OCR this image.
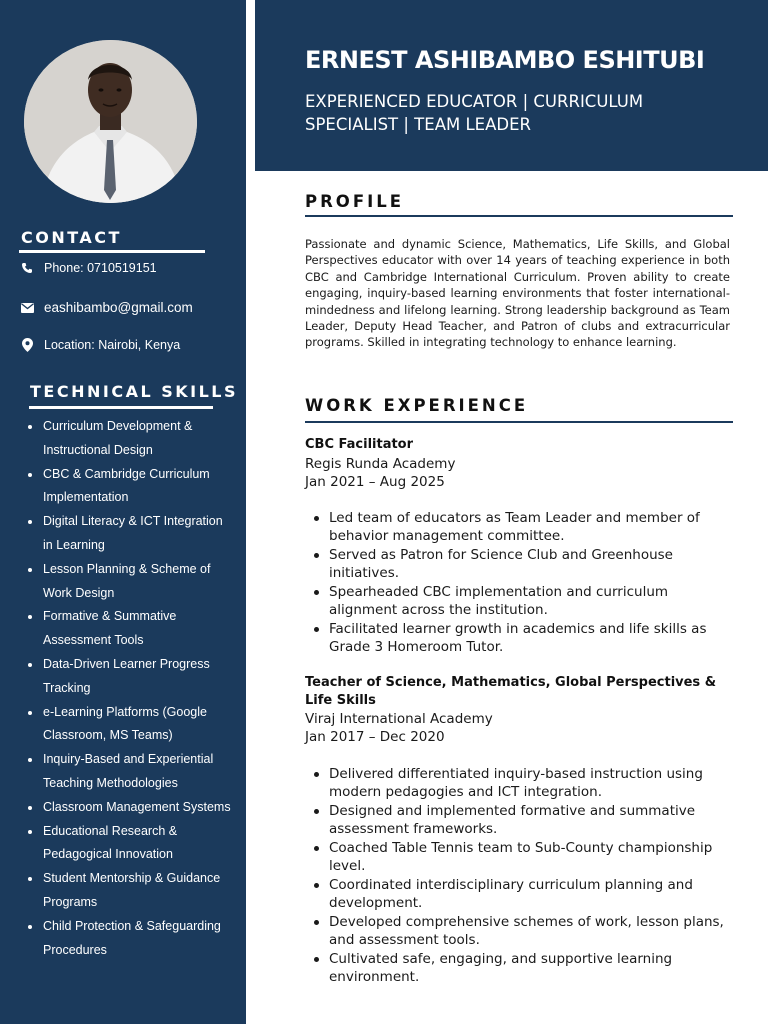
CONTACT
Phone: 0710519151
eashibambo@gmail.com
Location: Nairobi, Kenya
TECHNICAL SKILLS
Curriculum Development & Instructional Design
CBC & Cambridge Curriculum Implementation
Digital Literacy & ICT Integration in Learning
Lesson Planning & Scheme of Work Design
Formative & Summative Assessment Tools
Data-Driven Learner Progress Tracking
e-Learning Platforms (Google Classroom, MS Teams)
Inquiry-Based and Experiential Teaching Methodologies
Classroom Management Systems
Educational Research & Pedagogical Innovation
Student Mentorship & Guidance Programs
Child Protection & Safeguarding Procedures
ERNEST ASHIBAMBO ESHITUBI
EXPERIENCED EDUCATOR | CURRICULUM SPECIALIST | TEAM LEADER
PROFILE
Passionate and dynamic Science, Mathematics, Life Skills, and Global Perspectives educator with over 14 years of teaching experience in both CBC and Cambridge International Curriculum. Proven ability to create engaging, inquiry-based learning environments that foster international-mindedness and lifelong learning. Strong leadership background as Team Leader, Deputy Head Teacher, and Patron of clubs and extracurricular programs. Skilled in integrating technology to enhance learning.
WORK EXPERIENCE
CBC Facilitator
Regis Runda Academy
Jan 2021 – Aug 2025
Led team of educators as Team Leader and member of behavior management committee.
Served as Patron for Science Club and Greenhouse initiatives.
Spearheaded CBC implementation and curriculum alignment across the institution.
Facilitated learner growth in academics and life skills as Grade 3 Homeroom Tutor.
Teacher of Science, Mathematics, Global Perspectives & Life Skills
Viraj International Academy
Jan 2017 – Dec 2020
Delivered differentiated inquiry-based instruction using modern pedagogies and ICT integration.
Designed and implemented formative and summative assessment frameworks.
Coached Table Tennis team to Sub-County championship level.
Coordinated interdisciplinary curriculum planning and development.
Developed comprehensive schemes of work, lesson plans, and assessment tools.
Cultivated safe, engaging, and supportive learning environment.
